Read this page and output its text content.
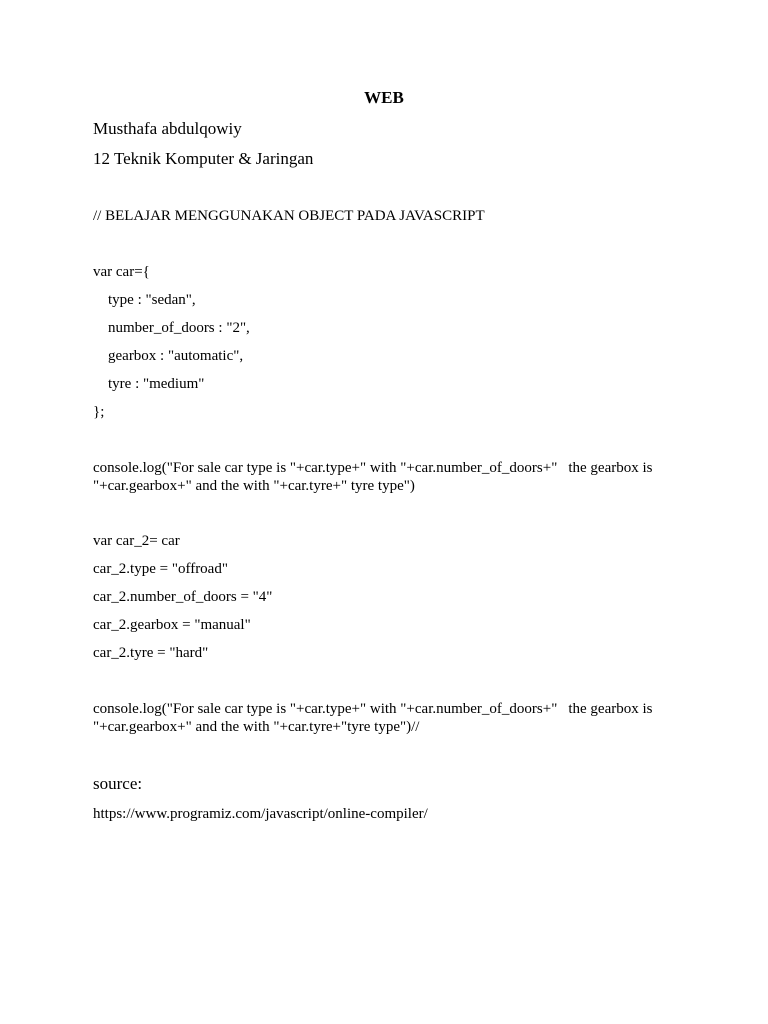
WEB
Musthafa abdulqowiy
12 Teknik Komputer & Jaringan
// BELAJAR MENGGUNAKAN OBJECT PADA JAVASCRIPT
var car={
type : "sedan",
number_of_doors : "2",
gearbox : "automatic",
tyre : "medium"
};
console.log("For sale car type is "+car.type+" with "+car.number_of_doors+" the gearbox is
"+car.gearbox+" and the with "+car.tyre+" tyre type")
var car_2= car
car_2.type = "offroad"
car_2.number_of_doors = "4"
car_2.gearbox = "manual"
car_2.tyre = "hard"
console.log("For sale car type is "+car.type+" with "+car.number_of_doors+" the gearbox is
"+car.gearbox+" and the with "+car.tyre+"tyre type")//
source:
https://www.programiz.com/javascript/online-compiler/
